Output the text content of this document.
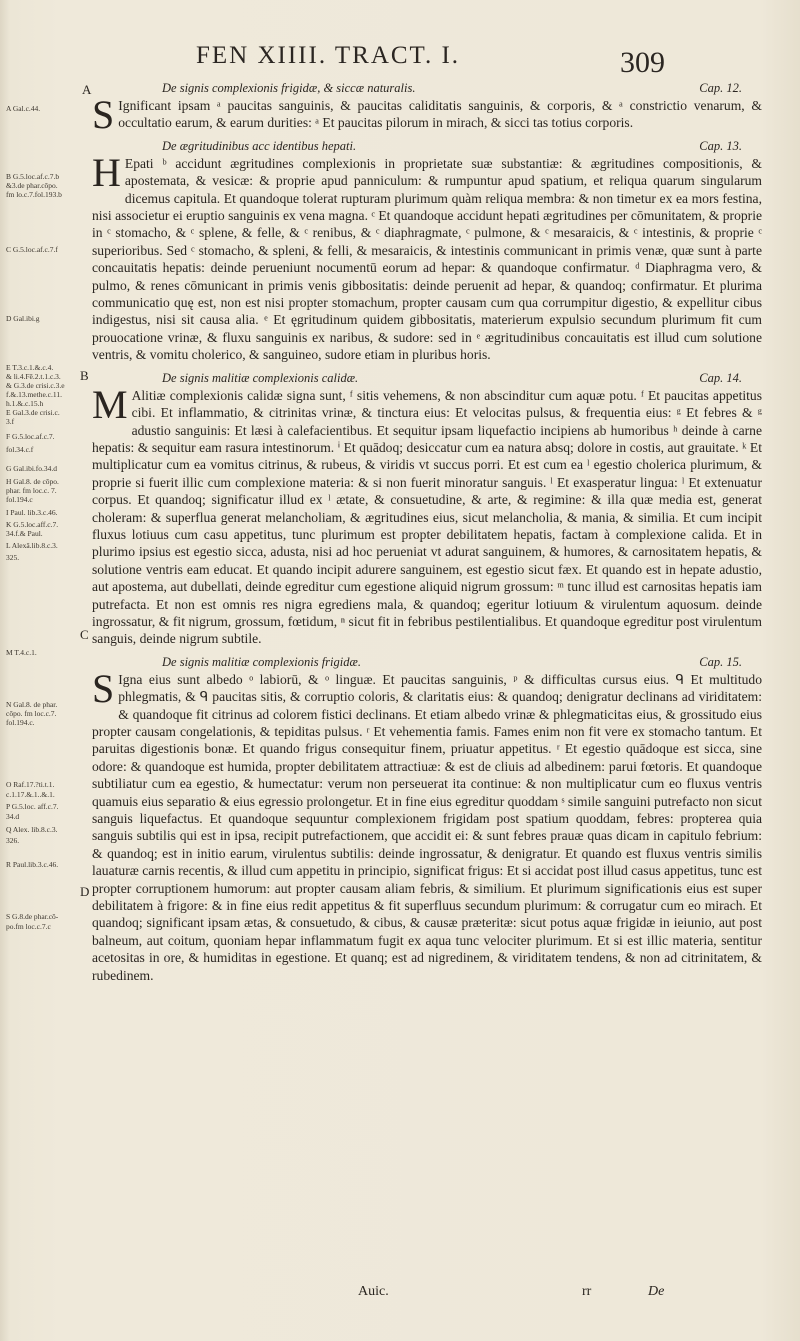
FEN XIIII. TRACT. I.	309
A Gal.c.44.
B G.5.loc.af.c.7.b
&3.de phar.cōpo.
fm lo.c.7.fol.193.b
C G.5.loc.af.c.7.f
D Gal.ibi.g
E T.3.c.1.&.c.4.
& li.4.Fē.2.t.1.c.3.
& G.3.de crisi.c.3.e
f.&.13.methe.c.11.
h.1.&.c.15.h
E Gal.3.de crisi.c.
3.f
F G.5.loc.af.c.7.
fol.34.c.f
G Gal.ibi.fo.34.d
H Gal.8. de cōpo.
phar. fm loc.c. 7.
fol.194.c
I Paul. lib.3.c.46.
K G.5.loc.aff.c.7.
34.f.& Paul.
L Alexā.lib.8.c.3.
325.
M T.4.c.1.
N Gal.8. de phar.
cōpo. fm loc.c.7.
fol.194.c.
O Raf.17.?ti.t.1.
c.1.17.&.1..&.1.
P G.5.loc. aff.c.7.
34.d
Q Alex. lib.8.c.3.
326.
R Paul.lib.3.c.46.
S G.8.de phar.cō-
po.fm loc.c.7.c
A
B
C
D
De signis complexionis frigidæ, & siccæ naturalis.	Cap. 12.

S Ignificant ipsam ᵃ paucitas sanguinis, & paucitas caliditatis sanguinis, & corporis, & ᵃ constrictio venarum, & occultatio earum, & earum durities: ᵃ Et paucitas pilorum in mirach, & sicci tas totius corporis.

De ægritudinibus acc identibus hepati.	Cap. 13.

H Epati ᵇ accidunt ægritudines complexionis in proprietate suæ substantiæ: & ægritudines compositionis, & apostemata, & vesicæ: & proprie apud panniculum: & rumpuntur apud spatium, et reliqua quarum singularum dicemus capitula. Et quandoque tolerat rupturam plurimum quàm reliqua membra: & non timetur ex ea mors festina, nisi associetur ei eruptio sanguinis ex vena magna. ᶜ Et quandoque accidunt hepati ægritudines per cōmunitatem, & proprie in ᶜ stomacho, & ᶜ splene, & felle, & ᶜ renibus, & ᶜ diaphragmate, ᶜ pulmone, & ᶜ mesaraicis, & ᶜ intestinis, & proprie ᶜ superioribus. Sed ᶜ stomacho, & spleni, & felli, & mesaraicis, & intestinis communicant in primis venæ, quæ sunt à parte concauitatis hepatis: deinde perueniunt nocumentū eorum ad hepar: & quandoque confirmatur. ᵈ Diaphragma vero, & pulmo, & renes cōmunicant in primis venis gibbositatis: deinde peruenit ad hepar, & quandoq; confirmatur. Et plurima communicatio quę est, non est nisi propter stomachum, propter causam cum qua corrumpitur digestio, & expellitur cibus indigestus, nisi sit causa alia. ᵉ Et ęgritudinum quidem gibbositatis, materierum expulsio secundum plurimum fit cum prouocatione vrinæ, & fluxu sanguinis ex naribus, & sudore: sed in ᵉ ægritudinibus concauitatis est illud cum solutione ventris, & vomitu cholerico, & sanguineo, sudore etiam in pluribus horis.

De signis malitiæ complexionis calidæ.	Cap. 14.

M Alitiæ complexionis calidæ signa sunt, ᶠ sitis vehemens, & non abscinditur cum aquæ potu. ᶠ Et paucitas appetitus cibi. Et inflammatio, & citrinitas vrinæ, & tinctura eius: Et velocitas pulsus, & frequentia eius: ᵍ Et febres & ᵍ adustio sanguinis: Et læsi à calefacientibus. Et sequitur ipsam liquefactio incipiens ab humoribus ʰ deinde à carne hepatis: & sequitur eam rasura intestinorum. ⁱ Et quādoq; desiccatur cum ea natura absq; dolore in costis, aut grauitate. ᵏ Et multiplicatur cum ea vomitus citrinus, & rubeus, & viridis vt succus porri. Et est cum ea ˡ egestio cholerica plurimum, & proprie si fuerit illic cum complexione materia: & si non fuerit minoratur sanguis. ˡ Et exasperatur lingua: ˡ Et extenuatur corpus. Et quandoq; significatur illud ex ˡ ætate, & consuetudine, & arte, & regimine: & illa quæ media est, generat choleram: & superflua generat melancholiam, & ægritudines eius, sicut melancholia, & mania, & similia. Et cum incipit fluxus lotiuus cum casu appetitus, tunc plurimum est propter debilitatem hepatis, factam à complexione calida. Et in plurimo ipsius est egestio sicca, adusta, nisi ad hoc perueniat vt adurat sanguinem, & humores, & carnositatem hepatis, & solutione ventris eam educat. Et quando incipit adurere sanguinem, est egestio sicut fæx. Et quando est in hepate adustio, aut apostema, aut dubellati, deinde egreditur cum egestione aliquid nigrum grossum: ᵐ tunc illud est carnositas hepatis iam putrefacta. Et non est omnis res nigra egrediens mala, & quandoq; egeritur lotiuum & virulentum aquosum. deinde ingrossatur, & fit nigrum, grossum, fœtidum, ⁿ sicut fit in febribus pestilentialibus. Et quandoque egreditur post virulentum sanguis, deinde nigrum subtile.

De signis malitiæ complexionis frigidæ.	Cap. 15.

S Igna eius sunt albedo ᵒ labiorū, & ᵒ linguæ. Et paucitas sanguinis, ᵖ & difficultas cursus eius. ᑫ Et multitudo phlegmatis, & ᑫ paucitas sitis, & corruptio coloris, & claritatis eius: & quandoq; denigratur declinans ad viriditatem: & quandoque fit citrinus ad colorem fistici declinans. Et etiam albedo vrinæ & phlegmaticitas eius, & grossitudo eius propter causam congelationis, & tepiditas pulsus. ʳ Et vehementia famis. Fames enim non fit vere ex stomacho tantum. Et paruitas digestionis bonæ. Et quando frigus consequitur finem, priuatur appetitus. ʳ Et egestio quādoque est sicca, sine odore: & quandoque est humida, propter debilitatem attractiuæ: & est de cliuis ad albedinem: parui fœtoris. Et quandoque subtiliatur cum ea egestio, & humectatur: verum non perseuerat ita continue: & non multiplicatur cum eo fluxus ventris quamuis eius separatio & eius egressio prolongetur. Et in fine eius egreditur quoddam ˢ simile sanguini putrefacto non sicut sanguis liquefactus. Et quandoque sequuntur complexionem frigidam post spatium quoddam, febres: propterea quia sanguis subtilis qui est in ipsa, recipit putrefactionem, que accidit ei: & sunt febres prauæ quas dicam in capitulo febrium: & quandoq; est in initio earum, virulentus subtilis: deinde ingrossatur, & denigratur. Et quando est fluxus ventris similis lauaturæ carnis recentis, & illud cum appetitu in principio, significat frigus: Et si accidat post illud casus appetitus, tunc est propter corruptionem humorum: aut propter causam aliam febris, & similium. Et plurimum significationis eius est super debilitatem à frigore: & in fine eius redit appetitus & fit superfluus secundum plurimum: & corrugatur cum eo mirach. Et quandoq; significant ipsam ætas, & consuetudo, & cibus, & causæ præteritæ: sicut potus aquæ frigidæ in ieiunio, aut post balneum, aut coitum, quoniam hepar inflammatum fugit ex aqua tunc velociter plurimum. Et si est illic materia, sentitur acetositas in ore, & humiditas in egestione. Et quanq; est ad nigredinem, & viriditatem tendens, & non ad citrinitatem, & rubedinem.

Auic.	rr	De
